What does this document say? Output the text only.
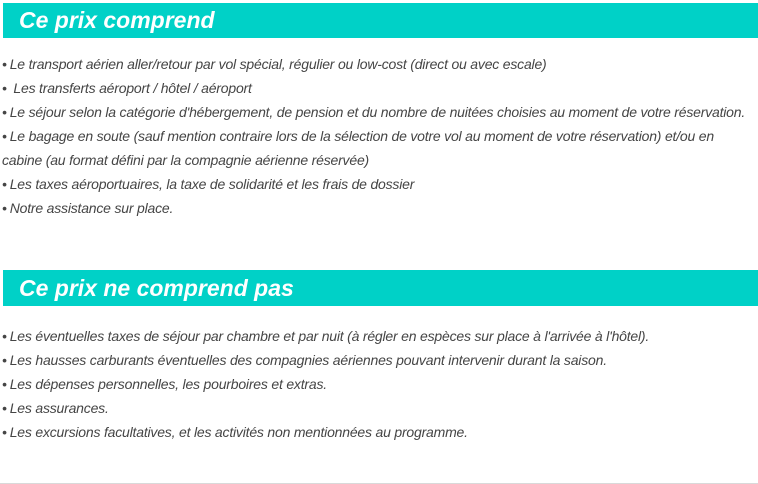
Ce prix comprend
• Le transport aérien aller/retour par vol spécial, régulier ou low-cost (direct ou avec escale)
• Les transferts aéroport / hôtel / aéroport
• Le séjour selon la catégorie d'hébergement, de pension et du nombre de nuitées choisies au moment de votre réservation.
• Le bagage en soute (sauf mention contraire lors de la sélection de votre vol au moment de votre réservation) et/ou en cabine (au format défini par la compagnie aérienne réservée)
• Les taxes aéroportuaires, la taxe de solidarité et les frais de dossier
• Notre assistance sur place.
Ce prix ne comprend pas
• Les éventuelles taxes de séjour par chambre et par nuit (à régler en espèces sur place à l'arrivée à l'hôtel).
• Les hausses carburants éventuelles des compagnies aériennes pouvant intervenir durant la saison.
• Les dépenses personnelles, les pourboires et extras.
• Les assurances.
• Les excursions facultatives, et les activités non mentionnées au programme.
